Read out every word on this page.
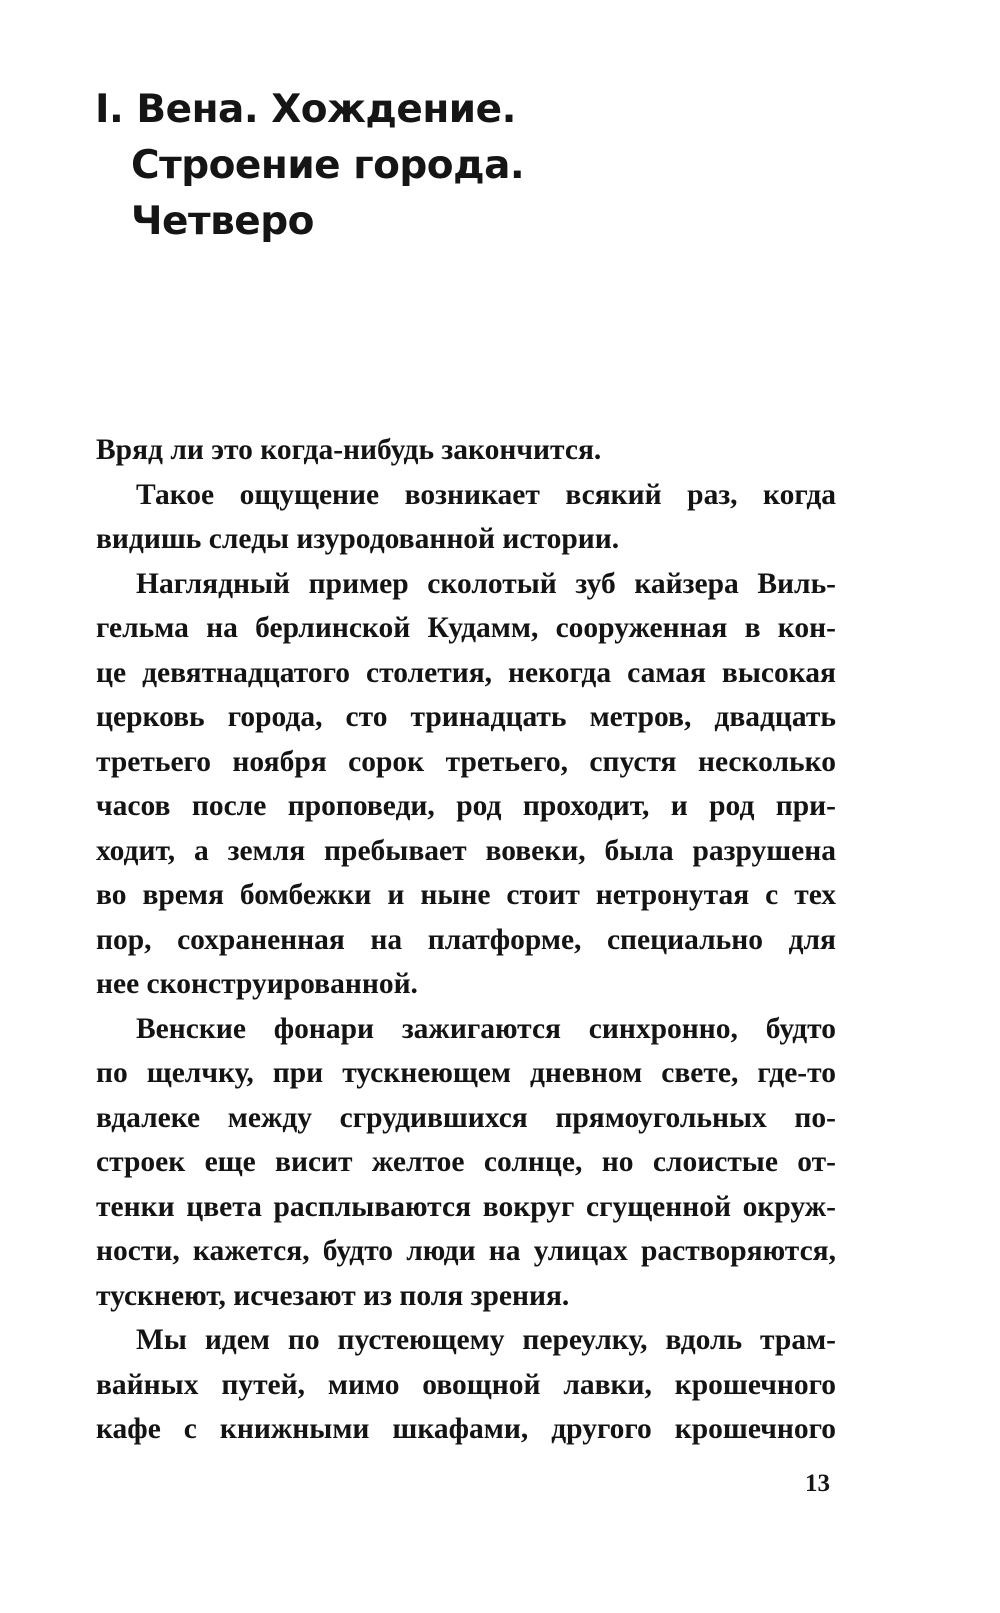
I. Вена. Хождение.
Строение города.
Четверо
Вряд ли это когда-нибудь закончится.
Такое ощущение возникает всякий раз, когда
видишь следы изуродованной истории.
Наглядный пример сколотый зуб кайзера Виль-
гельма на берлинской Кудамм, сооруженная в кон-
це девятнадцатого столетия, некогда самая высокая
церковь города, сто тринадцать метров, двадцать
третьего ноября сорок третьего, спустя несколько
часов после проповеди, род проходит, и род при-
ходит, а земля пребывает вовеки, была разрушена
во время бомбежки и ныне стоит нетронутая с тех
пор, сохраненная на платформе, специально для
нее сконструированной.
Венские фонари зажигаются синхронно, будто
по щелчку, при тускнеющем дневном свете, где-то
вдалеке между сгрудившихся прямоугольных по-
строек еще висит желтое солнце, но слоистые от-
тенки цвета расплываются вокруг сгущенной окруж-
ности, кажется, будто люди на улицах растворяются,
тускнеют, исчезают из поля зрения.
Мы идем по пустеющему переулку, вдоль трам-
вайных путей, мимо овощной лавки, крошечного
кафе с книжными шкафами, другого крошечного
13
